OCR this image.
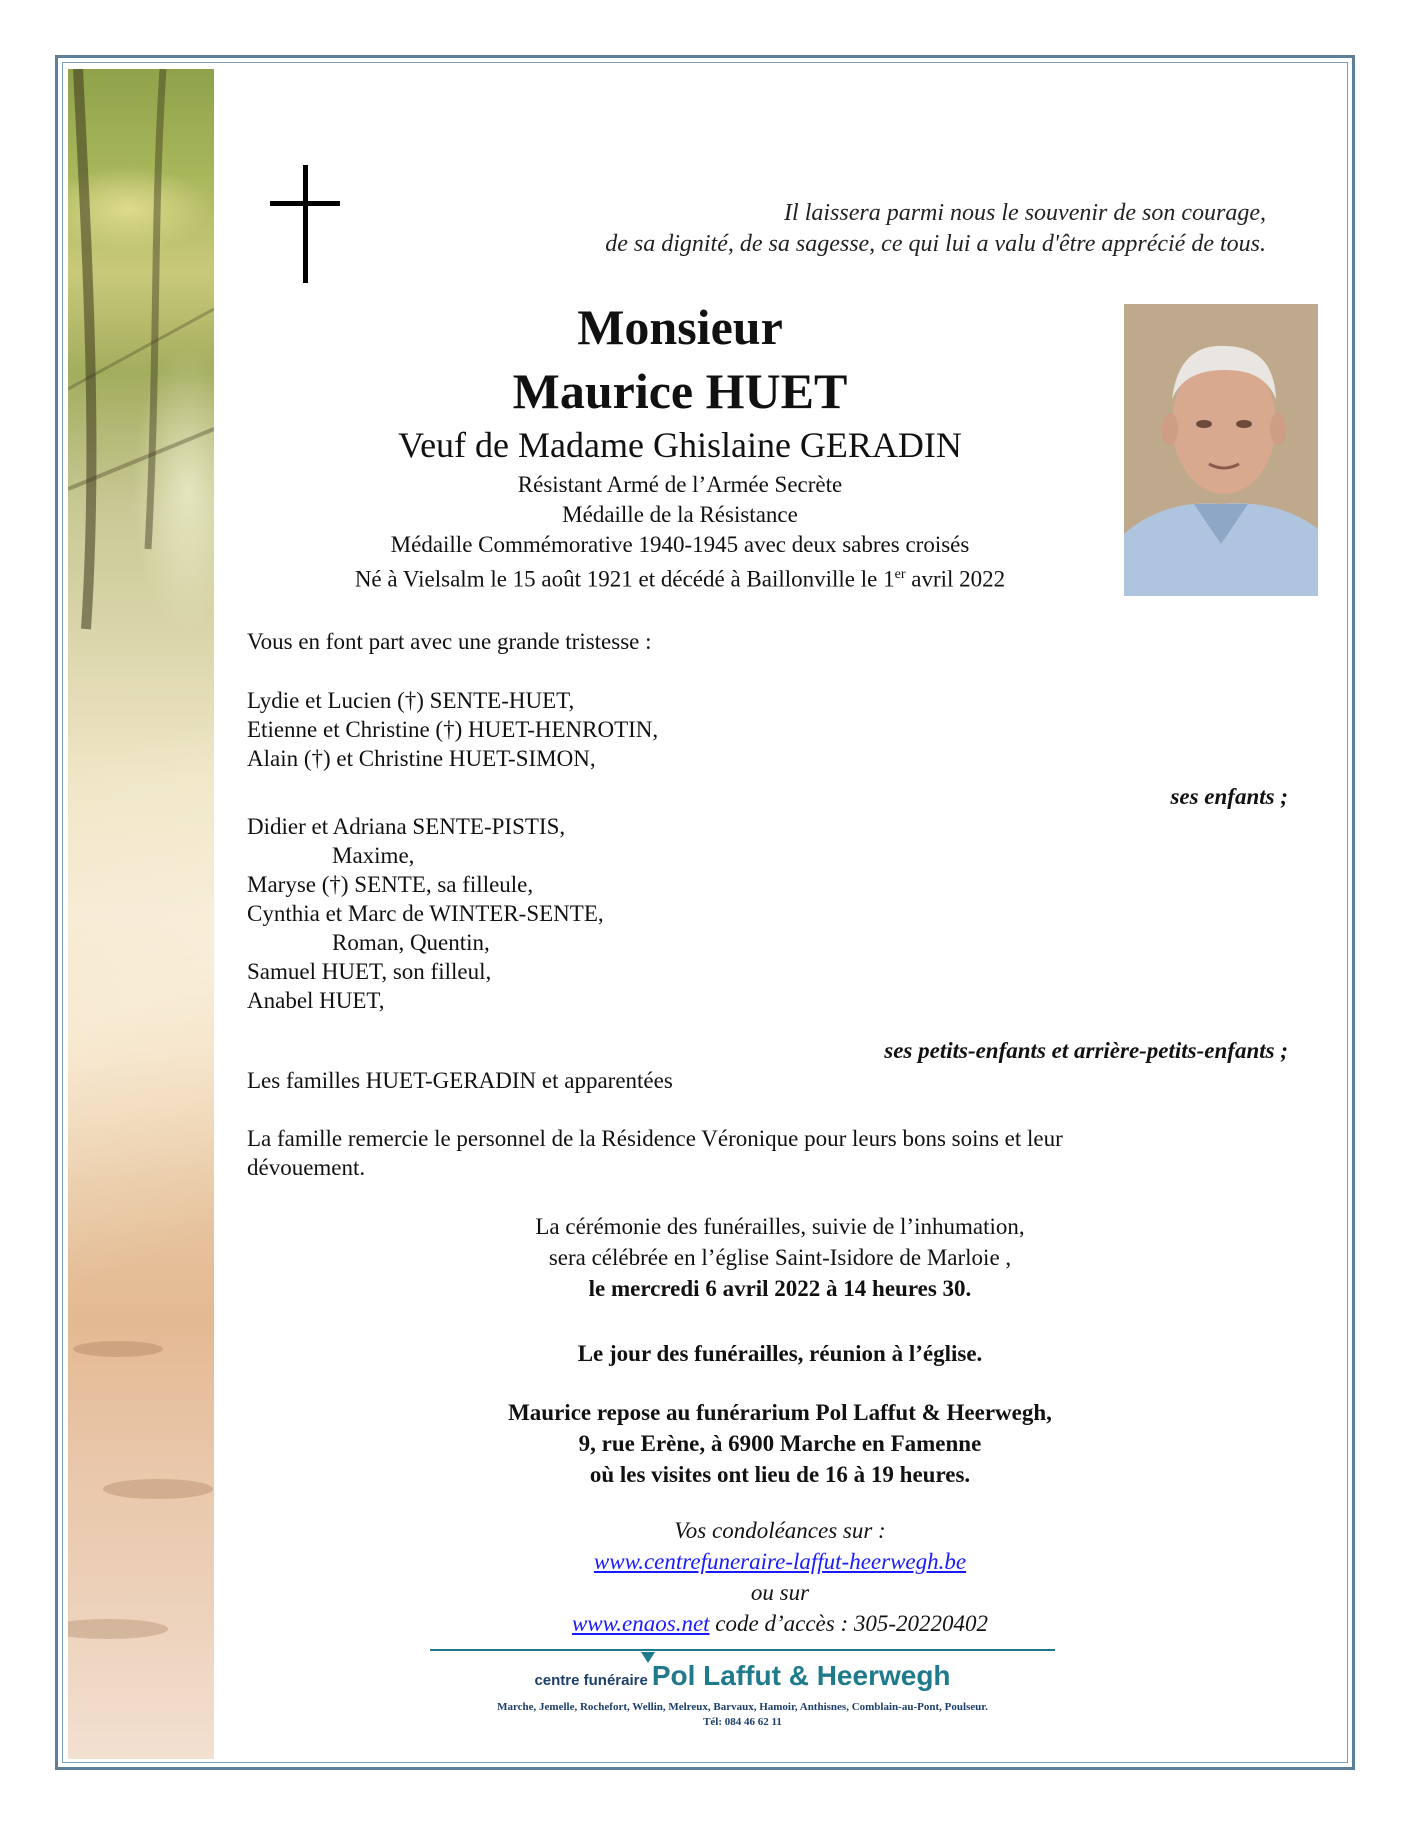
Il laissera parmi nous le souvenir de son courage,
de sa dignité, de sa sagesse, ce qui lui a valu d'être apprécié de tous.
Monsieur
Maurice HUET
Veuf de Madame Ghislaine GERADIN
Résistant Armé de l’Armée Secrète
Médaille de la Résistance
Médaille Commémorative 1940-1945 avec deux sabres croisés
Né à Vielsalm le 15 août 1921 et décédé à Baillonville le 1er avril 2022
Vous en font part avec une grande tristesse :
Lydie et Lucien (†) SENTE-HUET,
Etienne et Christine (†) HUET-HENROTIN,
Alain (†) et Christine HUET-SIMON,
ses enfants ;
Didier et Adriana SENTE-PISTIS,
Maxime,
Maryse (†) SENTE, sa filleule,
Cynthia et Marc de WINTER-SENTE,
Roman, Quentin,
Samuel HUET, son filleul,
Anabel HUET,
ses petits-enfants et arrière-petits-enfants ;
Les familles HUET-GERADIN et apparentées
La famille remercie le personnel de la Résidence Véronique pour leurs bons soins et leur
dévouement.
La cérémonie des funérailles, suivie de l’inhumation,
sera célébrée en l’église Saint-Isidore de Marloie ,
le mercredi 6 avril 2022 à 14 heures 30.
Le jour des funérailles, réunion à l’église.
Maurice repose au funérarium Pol Laffut & Heerwegh,
9, rue Erène, à 6900 Marche en Famenne
où les visites ont lieu de 16 à 19 heures.
Vos condoléances sur :
www.centrefuneraire-laffut-heerwegh.be
ou sur
www.enaos.net code d’accès : 305-20220402
centre funéraire Pol Laffut & Heerwegh
Marche, Jemelle, Rochefort, Wellin, Melreux, Barvaux, Hamoir, Anthisnes, Comblain-au-Pont, Poulseur.
Tél: 084 46 62 11
